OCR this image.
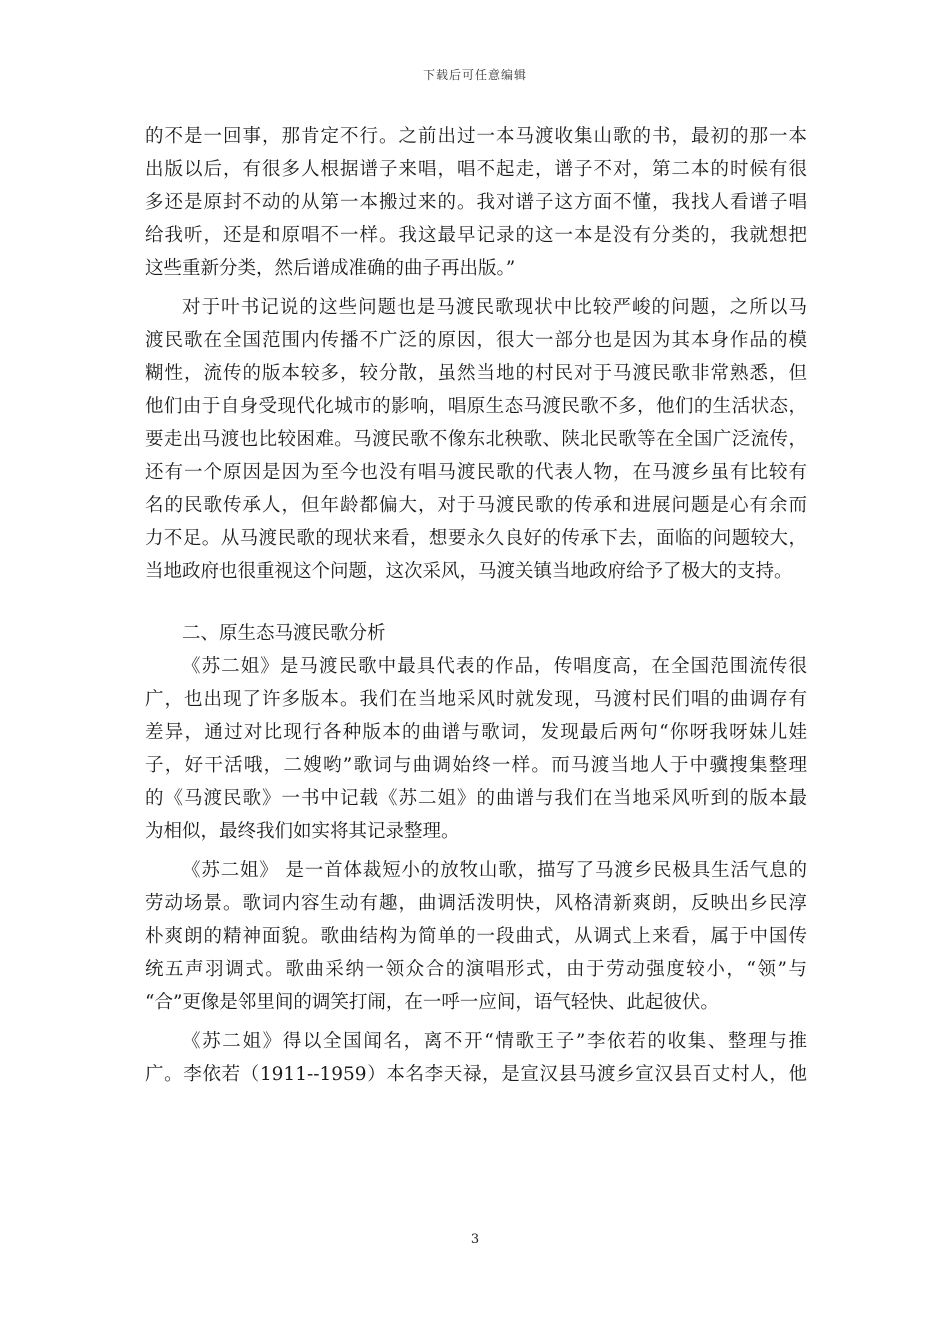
下载后可任意编辑
的不是一回事，那肯定不行。之前出过一本马渡收集山歌的书，最初的那一本
出版以后，有很多人根据谱子来唱，唱不起走，谱子不对，第二本的时候有很
多还是原封不动的从第一本搬过来的。我对谱子这方面不懂，我找人看谱子唱
给我听，还是和原唱不一样。我这最早记录的这一本是没有分类的，我就想把
这些重新分类，然后谱成准确的曲子再出版。”
对于叶书记说的这些问题也是马渡民歌现状中比较严峻的问题，之所以马
渡民歌在全国范围内传播不广泛的原因，很大一部分也是因为其本身作品的模
糊性，流传的版本较多，较分散，虽然当地的村民对于马渡民歌非常熟悉，但
他们由于自身受现代化城市的影响，唱原生态马渡民歌不多，他们的生活状态，
要走出马渡也比较困难。马渡民歌不像东北秧歌、陕北民歌等在全国广泛流传，
还有一个原因是因为至今也没有唱马渡民歌的代表人物，在马渡乡虽有比较有
名的民歌传承人，但年龄都偏大，对于马渡民歌的传承和进展问题是心有余而
力不足。从马渡民歌的现状来看，想要永久良好的传承下去，面临的问题较大，
当地政府也很重视这个问题，这次采风，马渡关镇当地政府给予了极大的支持。
二、原生态马渡民歌分析
《苏二姐》是马渡民歌中最具代表的作品，传唱度高，在全国范围流传很
广，也出现了许多版本。我们在当地采风时就发现，马渡村民们唱的曲调存有
差异，通过对比现行各种版本的曲谱与歌词，发现最后两句“你呀我呀妹儿娃
子，好干活哦，二嫂哟”歌词与曲调始终一样。而马渡当地人于中骥搜集整理
的《马渡民歌》一书中记载《苏二姐》的曲谱与我们在当地采风听到的版本最
为相似，最终我们如实将其记录整理。
《苏二姐》 是一首体裁短小的放牧山歌，描写了马渡乡民极具生活气息的
劳动场景。歌词内容生动有趣，曲调活泼明快，风格清新爽朗，反映出乡民淳
朴爽朗的精神面貌。歌曲结构为简单的一段曲式，从调式上来看，属于中国传
统五声羽调式。歌曲采纳一领众合的演唱形式，由于劳动强度较小，“领”与
“合”更像是邻里间的调笑打闹，在一呼一应间，语气轻快、此起彼伏。
《苏二姐》得以全国闻名，离不开“情歌王子”李依若的收集、整理与推
广。李依若（1911--1959）本名李天禄，是宣汉县马渡乡宣汉县百丈村人，他
3
